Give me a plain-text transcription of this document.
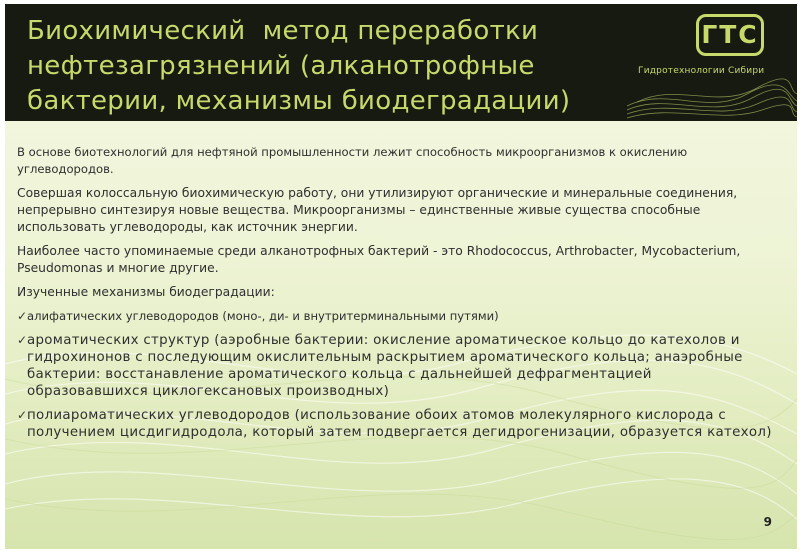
Биохимический  метод переработки нефтезагрязнений (алканотрофные бактерии, механизмы биодеградации)
ГТС
Гидротехнологии Сибири

В основе биотехнологий для нефтяной промышленности лежит способность микроорганизмов к окислению углеводородов.

Совершая колоссальную биохимическую работу, они утилизируют органические и минеральные соединения, непрерывно синтезируя новые вещества. Микроорганизмы – единственные живые существа способные использовать углеводороды, как источник энергии.

Наиболее часто упоминаемые среди алканотрофных бактерий - это Rhodococcus, Arthrobacter, Mycobacterium, Pseudomonas и многие другие.

Изученные механизмы биодеградации:

✓ алифатических углеводородов (моно-, ди- и внутритерминальными путями)

✓ ароматических структур (аэробные бактерии: окисление ароматическое кольцо до катехолов и гидрохинонов с последующим окислительным раскрытием ароматического кольца; анаэробные бактерии: восстанавление ароматического кольца с дальнейшей дефрагментацией образовавшихся циклогексановых производных)

✓ полиароматических углеводородов (использование обоих атомов молекулярного кислорода с получением цисдигидродола, который затем подвергается дегидрогенизации, образуется катехол)

9
